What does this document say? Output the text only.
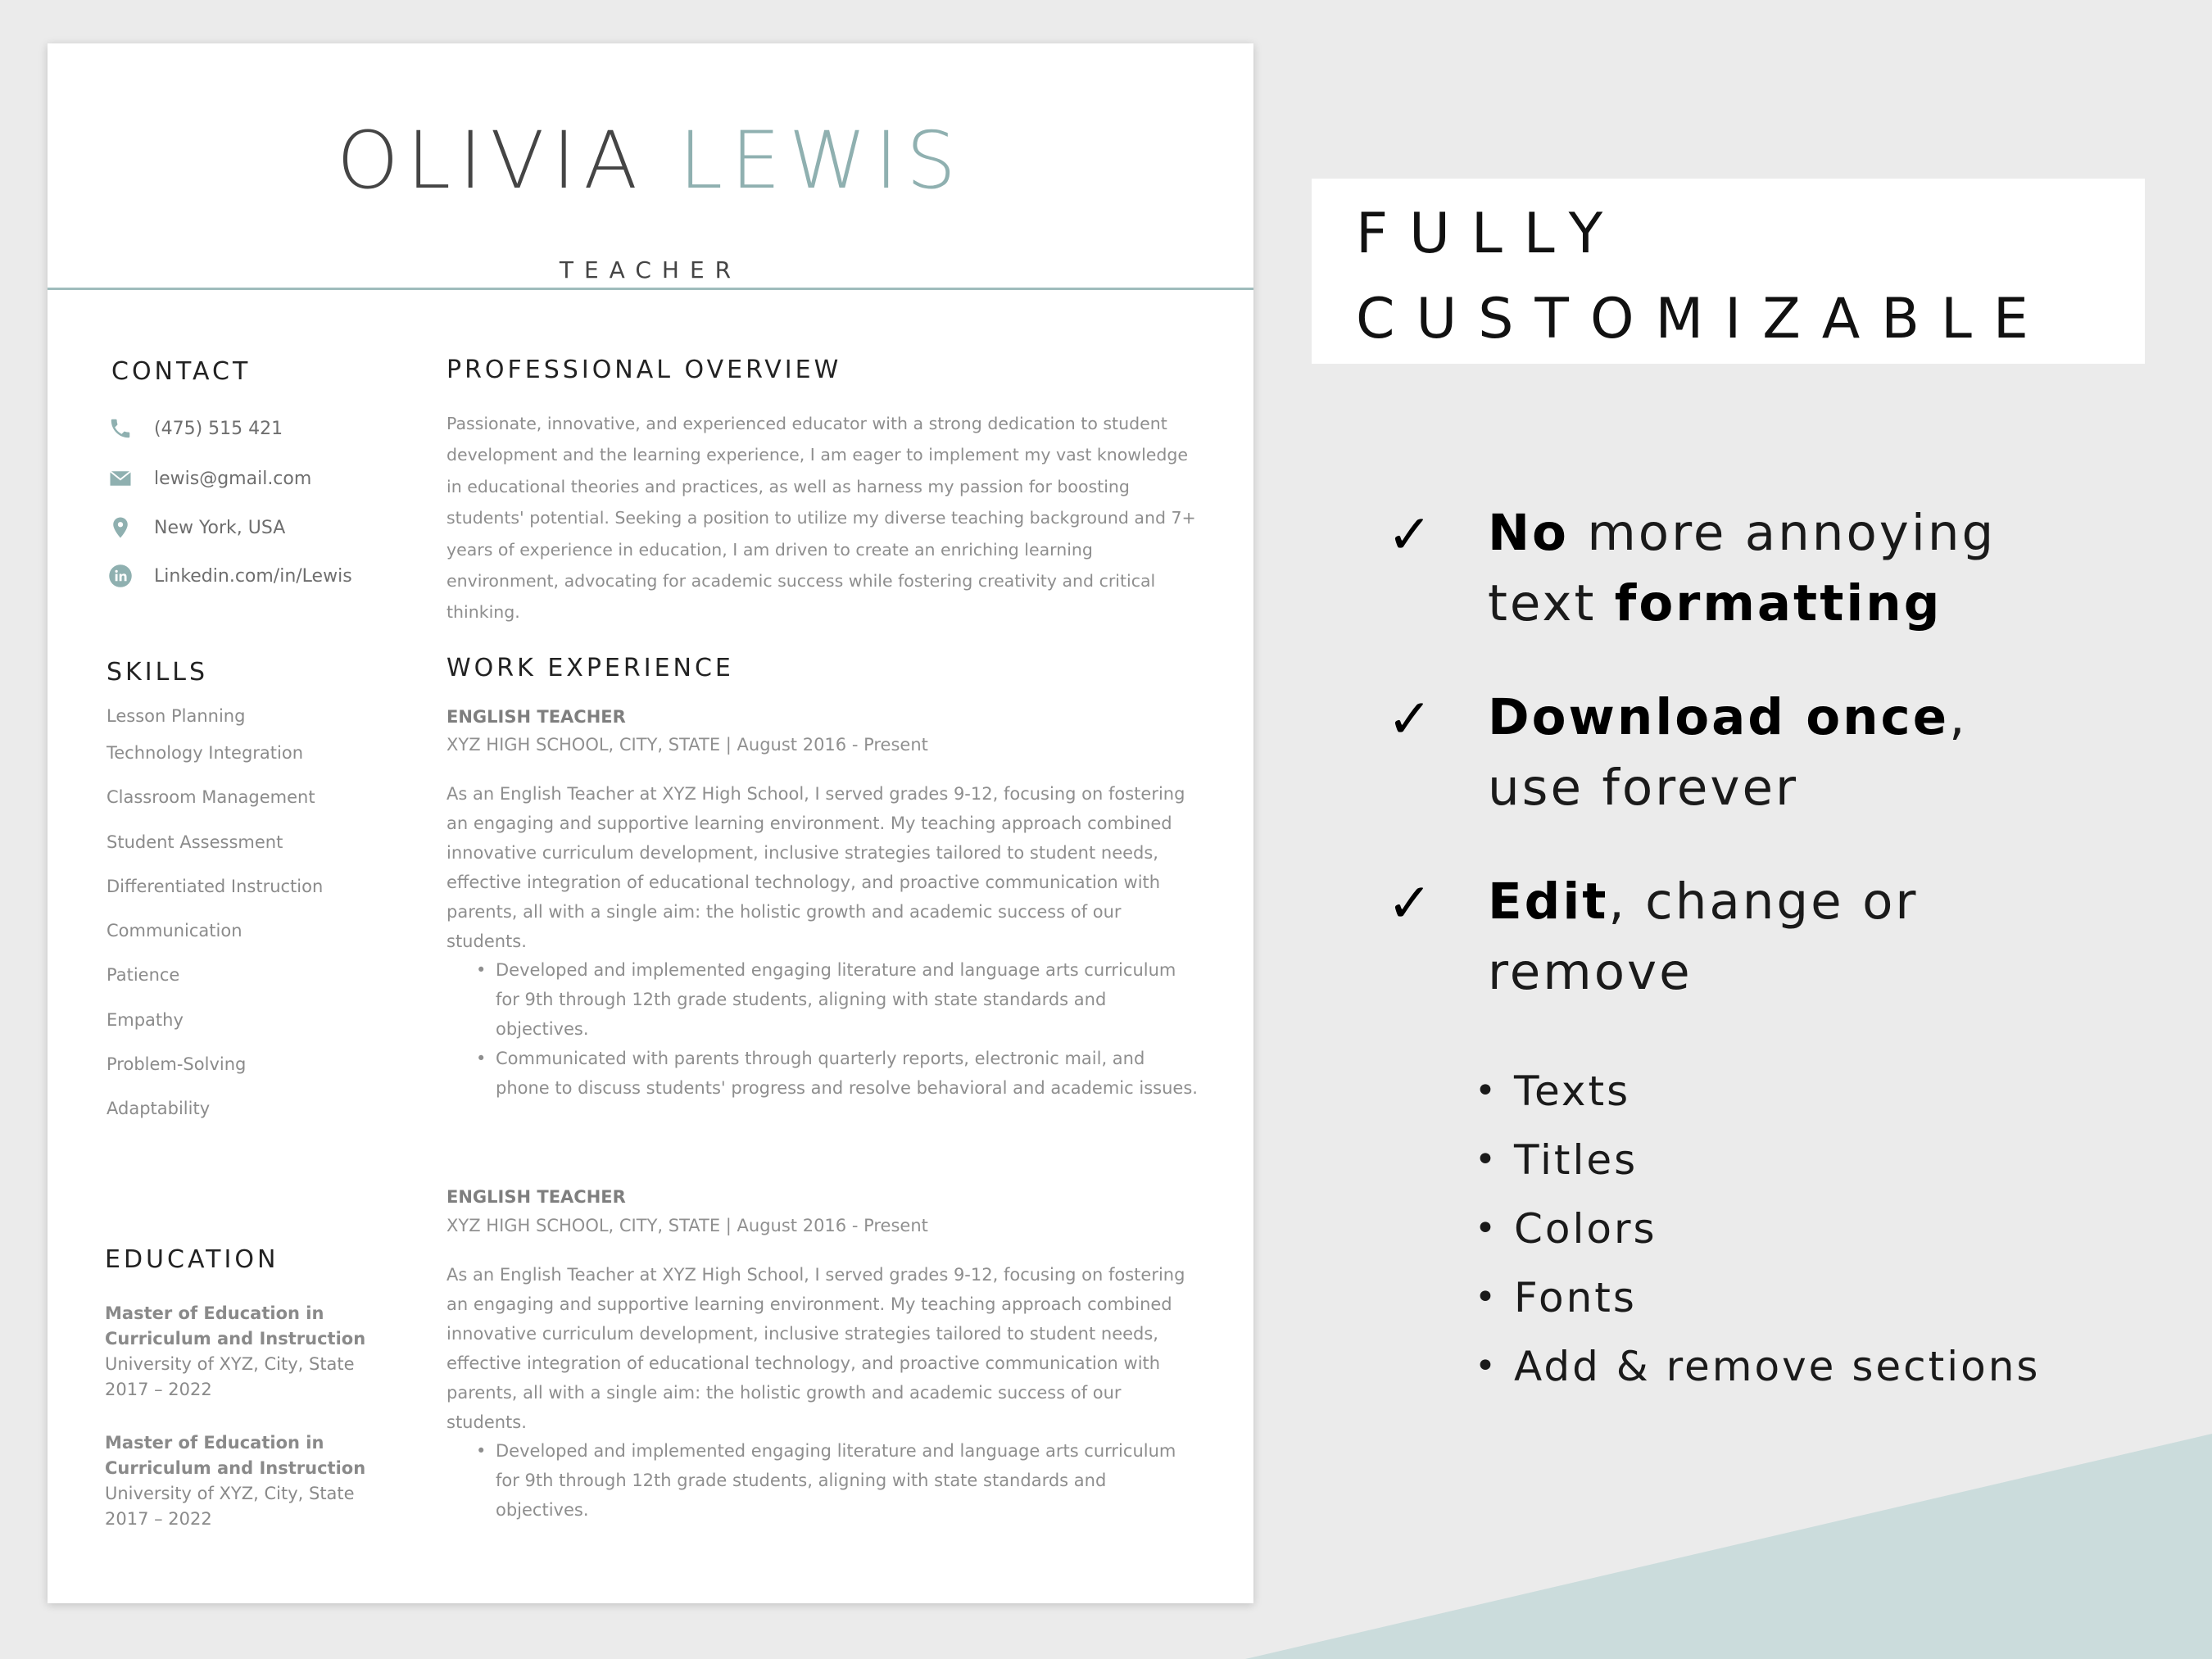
OLIVIA LEWIS
TEACHER
CONTACT
(475) 515 421
lewis@gmail.com
New York, USA
Linkedin.com/in/Lewis
SKILLS
Lesson Planning
Technology Integration
Classroom Management
Student Assessment
Differentiated Instruction
Communication
Patience
Empathy
Problem-Solving
Adaptability
EDUCATION
Master of Education in
Curriculum and Instruction
University of XYZ, City, State
2017 – 2022
Master of Education in
Curriculum and Instruction
University of XYZ, City, State
2017 – 2022
PROFESSIONAL OVERVIEW

Passionate, innovative, and experienced educator with a strong dedication to student development and the learning experience, I am eager to implement my vast knowledge in educational theories and practices, as well as harness my passion for boosting students' potential. Seeking a position to utilize my diverse teaching background and 7+ years of experience in education, I am driven to create an enriching learning environment, advocating for academic success while fostering creativity and critical thinking.

WORK EXPERIENCE
ENGLISH TEACHER
XYZ HIGH SCHOOL, CITY, STATE | August 2016 - Present

As an English Teacher at XYZ High School, I served grades 9-12, focusing on fostering an engaging and supportive learning environment. My teaching approach combined innovative curriculum development, inclusive strategies tailored to student needs, effective integration of educational technology, and proactive communication with parents, all with a single aim: the holistic growth and academic success of our students.

• Developed and implemented engaging literature and language arts curriculum for 9th through 12th grade students, aligning with state standards and objectives.
• Communicated with parents through quarterly reports, electronic mail, and phone to discuss students' progress and resolve behavioral and academic issues.
ENGLISH TEACHER
XYZ HIGH SCHOOL, CITY, STATE | August 2016 - Present

As an English Teacher at XYZ High School, I served grades 9-12, focusing on fostering an engaging and supportive learning environment. My teaching approach combined innovative curriculum development, inclusive strategies tailored to student needs, effective integration of educational technology, and proactive communication with parents, all with a single aim: the holistic growth and academic success of our students.

• Developed and implemented engaging literature and language arts curriculum for 9th through 12th grade students, aligning with state standards and objectives.
FULLY
CUSTOMIZABLE
✓ No more annoying
text formatting
✓ Download once,
use forever
✓ Edit, change or
remove
• Texts
• Titles
• Colors
• Fonts
• Add & remove sections
